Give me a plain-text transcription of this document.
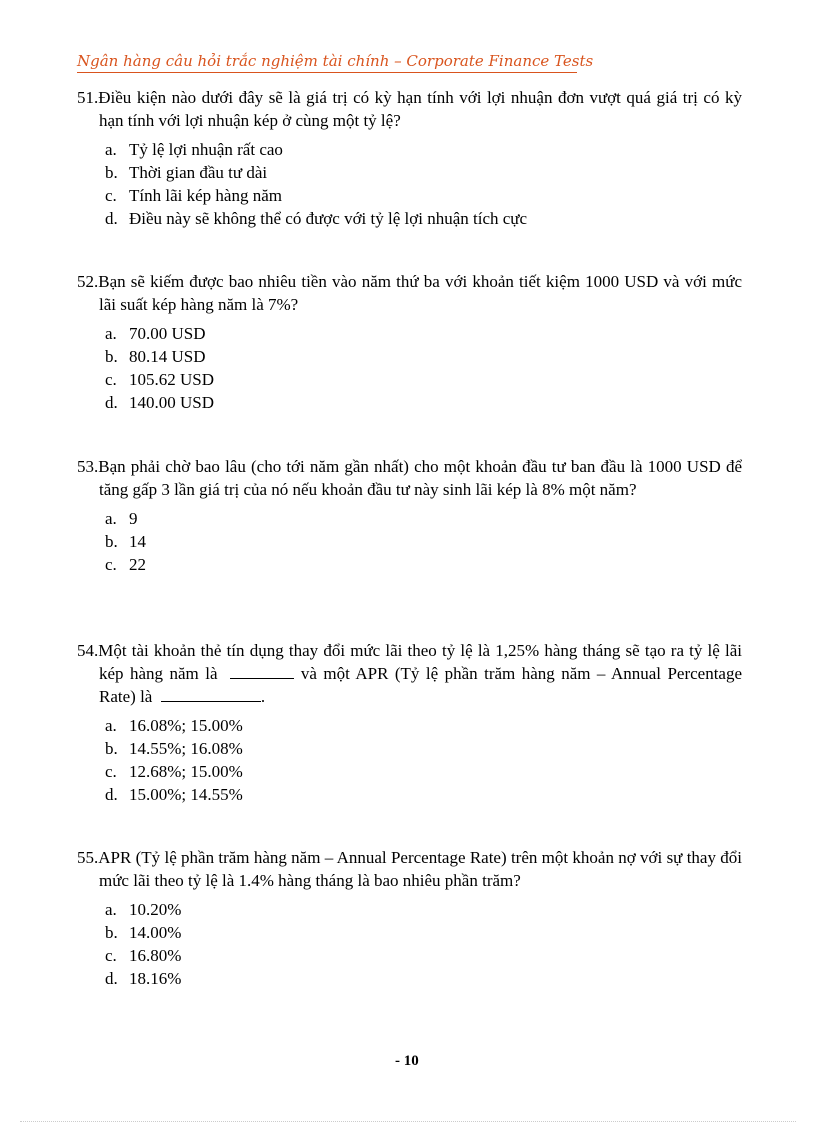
Ngân hàng câu hỏi trắc nghiệm tài chính – Corporate Finance Tests
51.Điều kiện nào dưới đây sẽ là giá trị có kỳ hạn tính với lợi nhuận đơn vượt quá giá trị có kỳ hạn tính với lợi nhuận kép ở cùng một tỷ lệ?
a. Tỷ lệ lợi nhuận rất cao
b. Thời gian đầu tư dài
c. Tính lãi kép hàng năm
d. Điều này sẽ không thể có được với tỷ lệ lợi nhuận tích cực
52.Bạn sẽ kiếm được bao nhiêu tiền vào năm thứ ba với khoản tiết kiệm 1000 USD và với mức lãi suất kép hàng năm là 7%?
a. 70.00 USD
b. 80.14 USD
c. 105.62 USD
d. 140.00 USD
53.Bạn phải chờ bao lâu (cho tới năm gần nhất) cho một khoản đầu tư ban đầu là 1000 USD để tăng gấp 3 lần giá trị của nó nếu khoản đầu tư này sinh lãi kép là 8% một năm?
a. 9
b. 14
c. 22
54.Một tài khoản thẻ tín dụng thay đổi mức lãi theo tỷ lệ là 1,25% hàng tháng sẽ tạo ra tỷ lệ lãi kép hàng năm là	và một APR (Tỷ lệ phần trăm hàng năm – Annual Percentage Rate) là	.
a. 16.08%; 15.00%
b. 14.55%; 16.08%
c. 12.68%; 15.00%
d. 15.00%; 14.55%
55.APR (Tỷ lệ phần trăm hàng năm – Annual Percentage Rate) trên một khoản nợ với sự thay đổi mức lãi theo tỷ lệ là 1.4% hàng tháng là bao nhiêu phần trăm?
a. 10.20%
b. 14.00%
c. 16.80%
d. 18.16%
- 10
